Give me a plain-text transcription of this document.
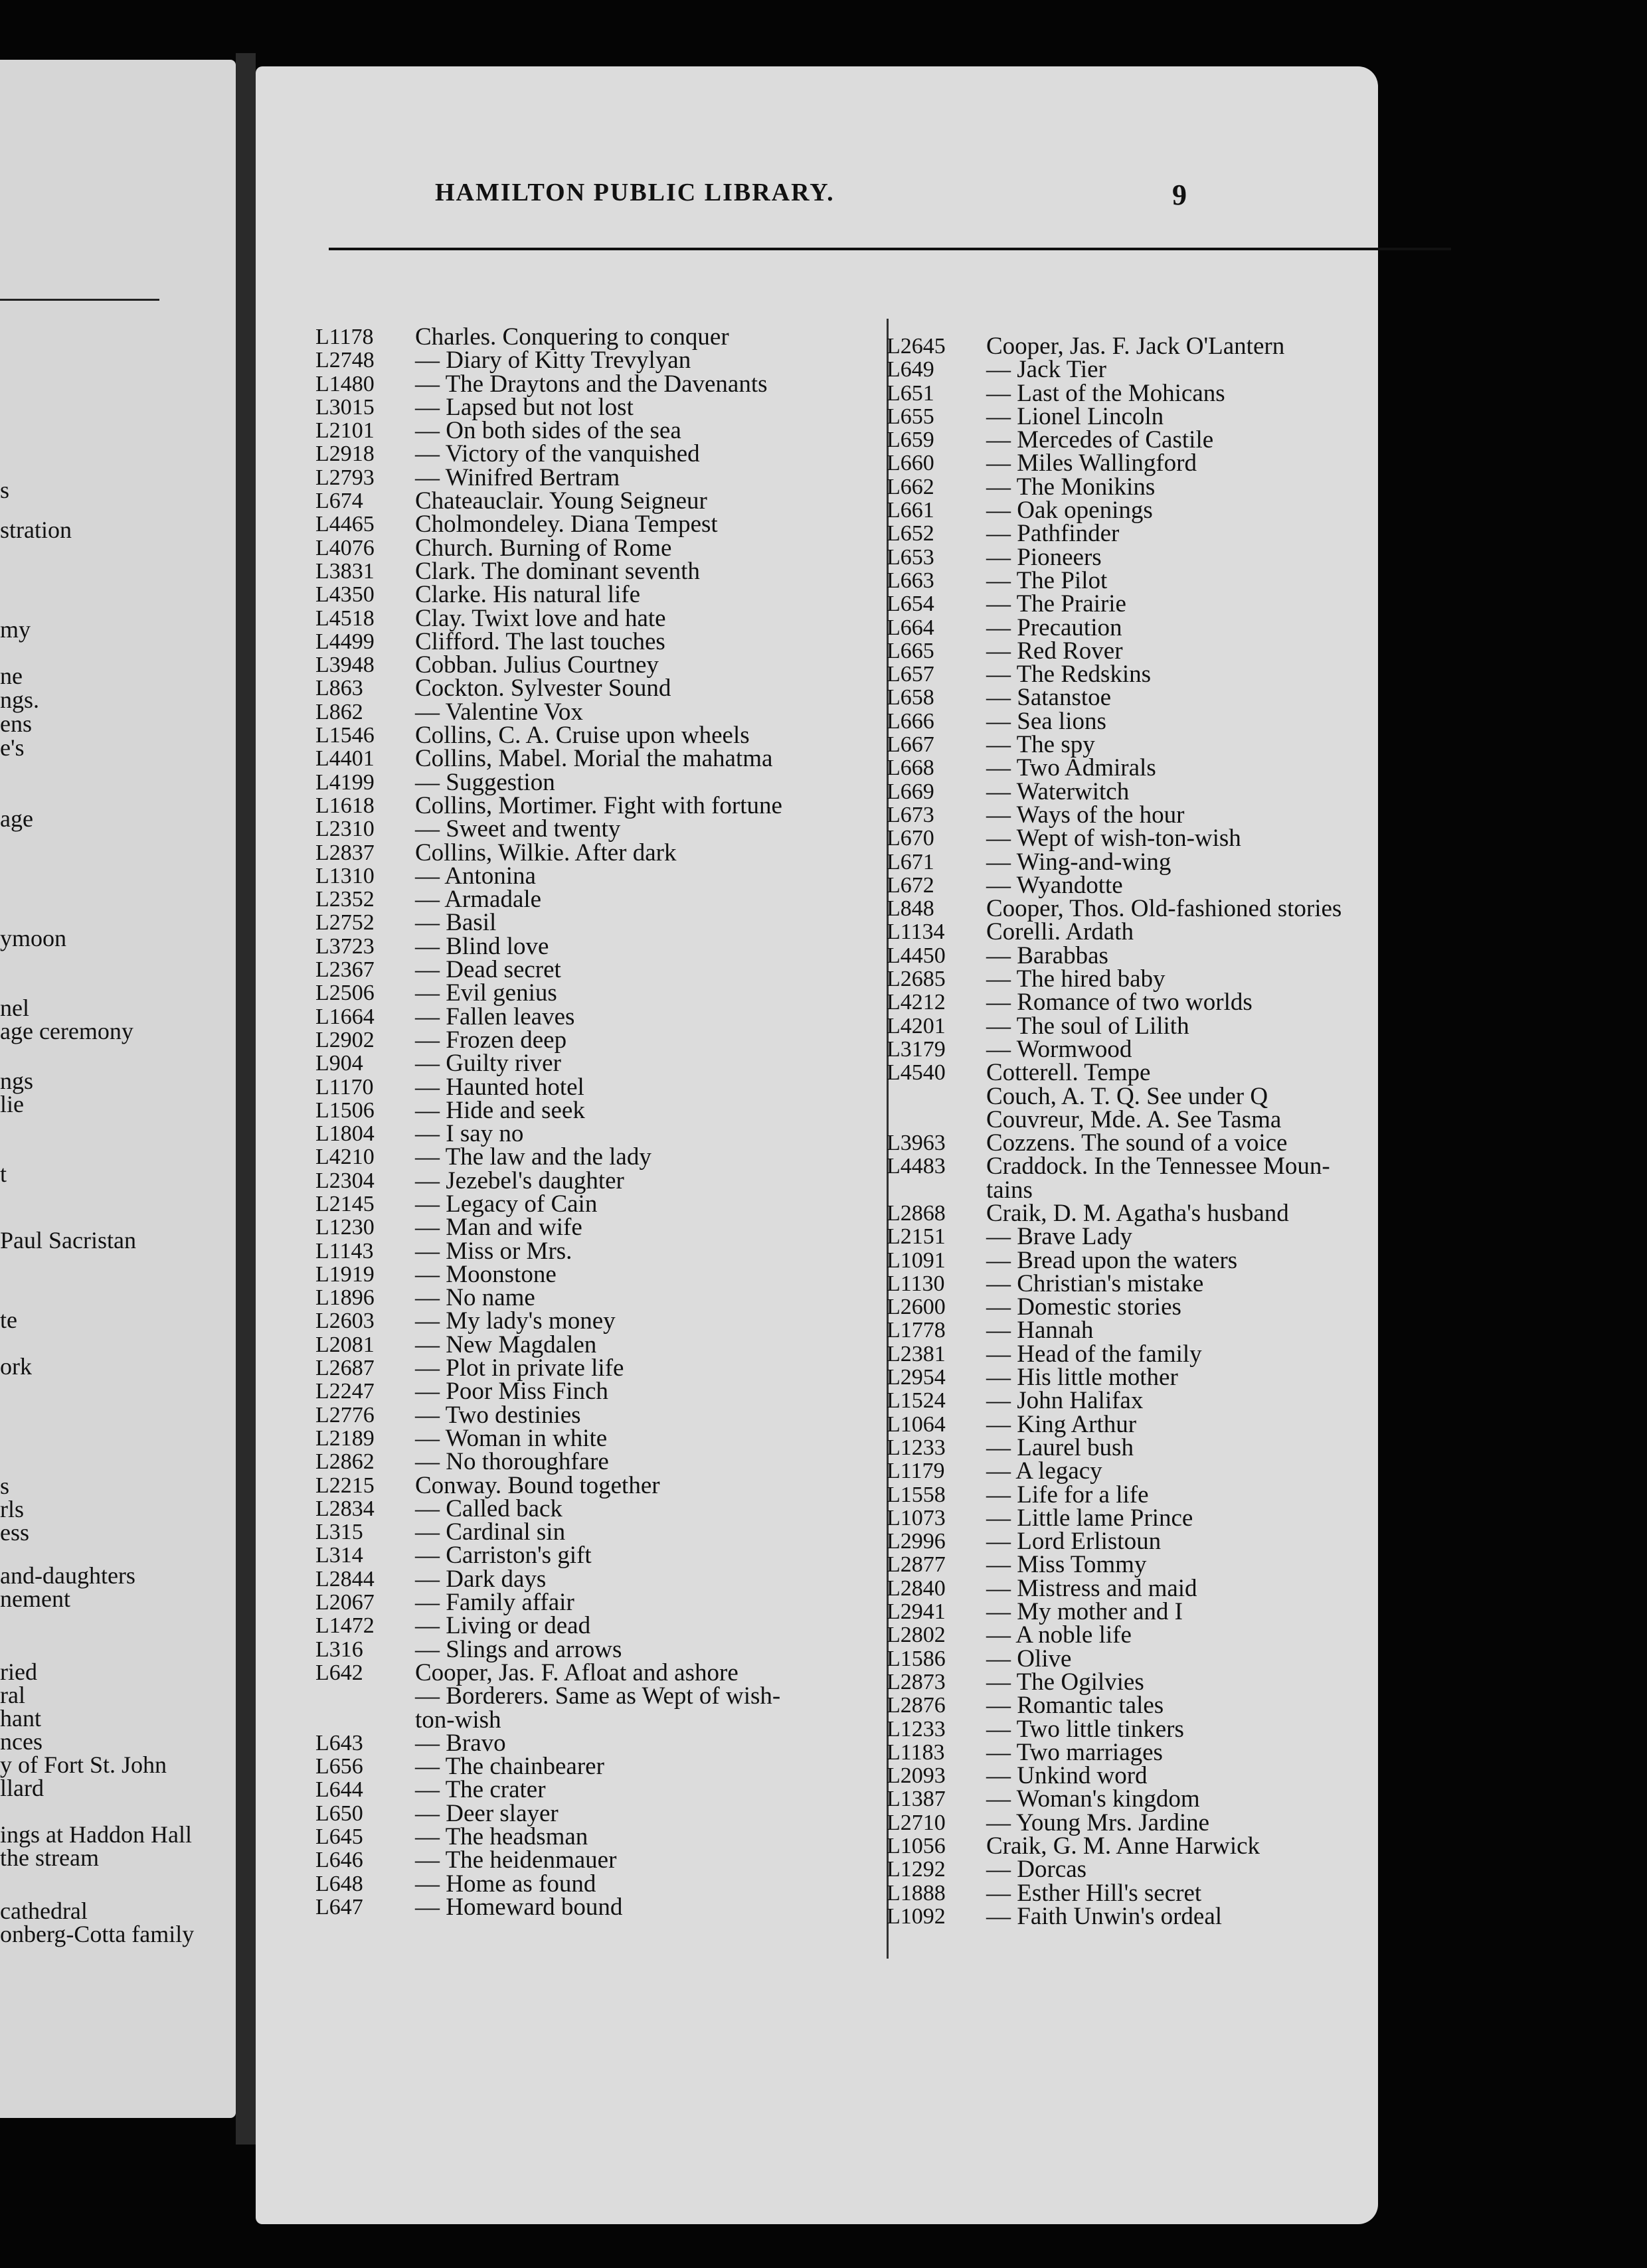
s
stration
my
ne
ngs.
ens
e's
age
ymoon
nel
age ceremony
ngs
lie
t
Paul Sacristan
te
ork
s
rls
ess
and-daughters
nement
ried
ral
hant
nces
y of Fort St. John
llard
ings at Haddon Hall
the stream
cathedral
onberg-Cotta family
HAMILTON PUBLIC LIBRARY.	9
L1178	Charles. Conquering to conquer
L2748	— Diary of Kitty Trevylyan
L1480	— The Draytons and the Davenants
L3015	— Lapsed but not lost
L2101	— On both sides of the sea
L2918	— Victory of the vanquished
L2793	— Winifred Bertram
L674	Chateauclair. Young Seigneur
L4465	Cholmondeley. Diana Tempest
L4076	Church. Burning of Rome
L3831	Clark. The dominant seventh
L4350	Clarke. His natural life
L4518	Clay. Twixt love and hate
L4499	Clifford. The last touches
L3948	Cobban. Julius Courtney
L863	Cockton. Sylvester Sound
L862	— Valentine Vox
L1546	Collins, C. A. Cruise upon wheels
L4401	Collins, Mabel. Morial the mahatma
L4199	— Suggestion
L1618	Collins, Mortimer. Fight with fortune
L2310	— Sweet and twenty
L2837	Collins, Wilkie. After dark
L1310	— Antonina
L2352	— Armadale
L2752	— Basil
L3723	— Blind love
L2367	— Dead secret
L2506	— Evil genius
L1664	— Fallen leaves
L2902	— Frozen deep
L904	— Guilty river
L1170	— Haunted hotel
L1506	— Hide and seek
L1804	— I say no
L4210	— The law and the lady
L2304	— Jezebel's daughter
L2145	— Legacy of Cain
L1230	— Man and wife
L1143	— Miss or Mrs.
L1919	— Moonstone
L1896	— No name
L2603	— My lady's money
L2081	— New Magdalen
L2687	— Plot in private life
L2247	— Poor Miss Finch
L2776	— Two destinies
L2189	— Woman in white
L2862	— No thoroughfare
L2215	Conway. Bound together
L2834	— Called back
L315	— Cardinal sin
L314	— Carriston's gift
L2844	— Dark days
L2067	— Family affair
L1472	— Living or dead
L316	— Slings and arrows
L642	Cooper, Jas. F. Afloat and ashore
— Borderers. Same as Wept of wish-
ton-wish
L643	— Bravo
L656	— The chainbearer
L644	— The crater
L650	— Deer slayer
L645	— The headsman
L646	— The heidenmauer
L648	— Home as found
L647	— Homeward bound
L2645	Cooper, Jas. F. Jack O'Lantern
L649	— Jack Tier
L651	— Last of the Mohicans
L655	— Lionel Lincoln
L659	— Mercedes of Castile
L660	— Miles Wallingford
L662	— The Monikins
L661	— Oak openings
L652	— Pathfinder
L653	— Pioneers
L663	— The Pilot
L654	— The Prairie
L664	— Precaution
L665	— Red Rover
L657	— The Redskins
L658	— Satanstoe
L666	— Sea lions
L667	— The spy
L668	— Two Admirals
L669	— Waterwitch
L673	— Ways of the hour
L670	— Wept of wish-ton-wish
L671	— Wing-and-wing
L672	— Wyandotte
L848	Cooper, Thos. Old-fashioned stories
L1134	Corelli. Ardath
L4450	— Barabbas
L2685	— The hired baby
L4212	— Romance of two worlds
L4201	— The soul of Lilith
L3179	— Wormwood
L4540	Cotterell. Tempe
Couch, A. T. Q. See under Q
Couvreur, Mde. A. See Tasma
L3963	Cozzens. The sound of a voice
L4483	Craddock. In the Tennessee Moun-
tains
L2868	Craik, D. M. Agatha's husband
L2151	— Brave Lady
L1091	— Bread upon the waters
L1130	— Christian's mistake
L2600	— Domestic stories
L1778	— Hannah
L2381	— Head of the family
L2954	— His little mother
L1524	— John Halifax
L1064	— King Arthur
L1233	— Laurel bush
L1179	— A legacy
L1558	— Life for a life
L1073	— Little lame Prince
L2996	— Lord Erlistoun
L2877	— Miss Tommy
L2840	— Mistress and maid
L2941	— My mother and I
L2802	— A noble life
L1586	— Olive
L2873	— The Ogilvies
L2876	— Romantic tales
L1233	— Two little tinkers
L1183	— Two marriages
L2093	— Unkind word
L1387	— Woman's kingdom
L2710	— Young Mrs. Jardine
L1056	Craik, G. M. Anne Harwick
L1292	— Dorcas
L1888	— Esther Hill's secret
L1092	— Faith Unwin's ordeal
